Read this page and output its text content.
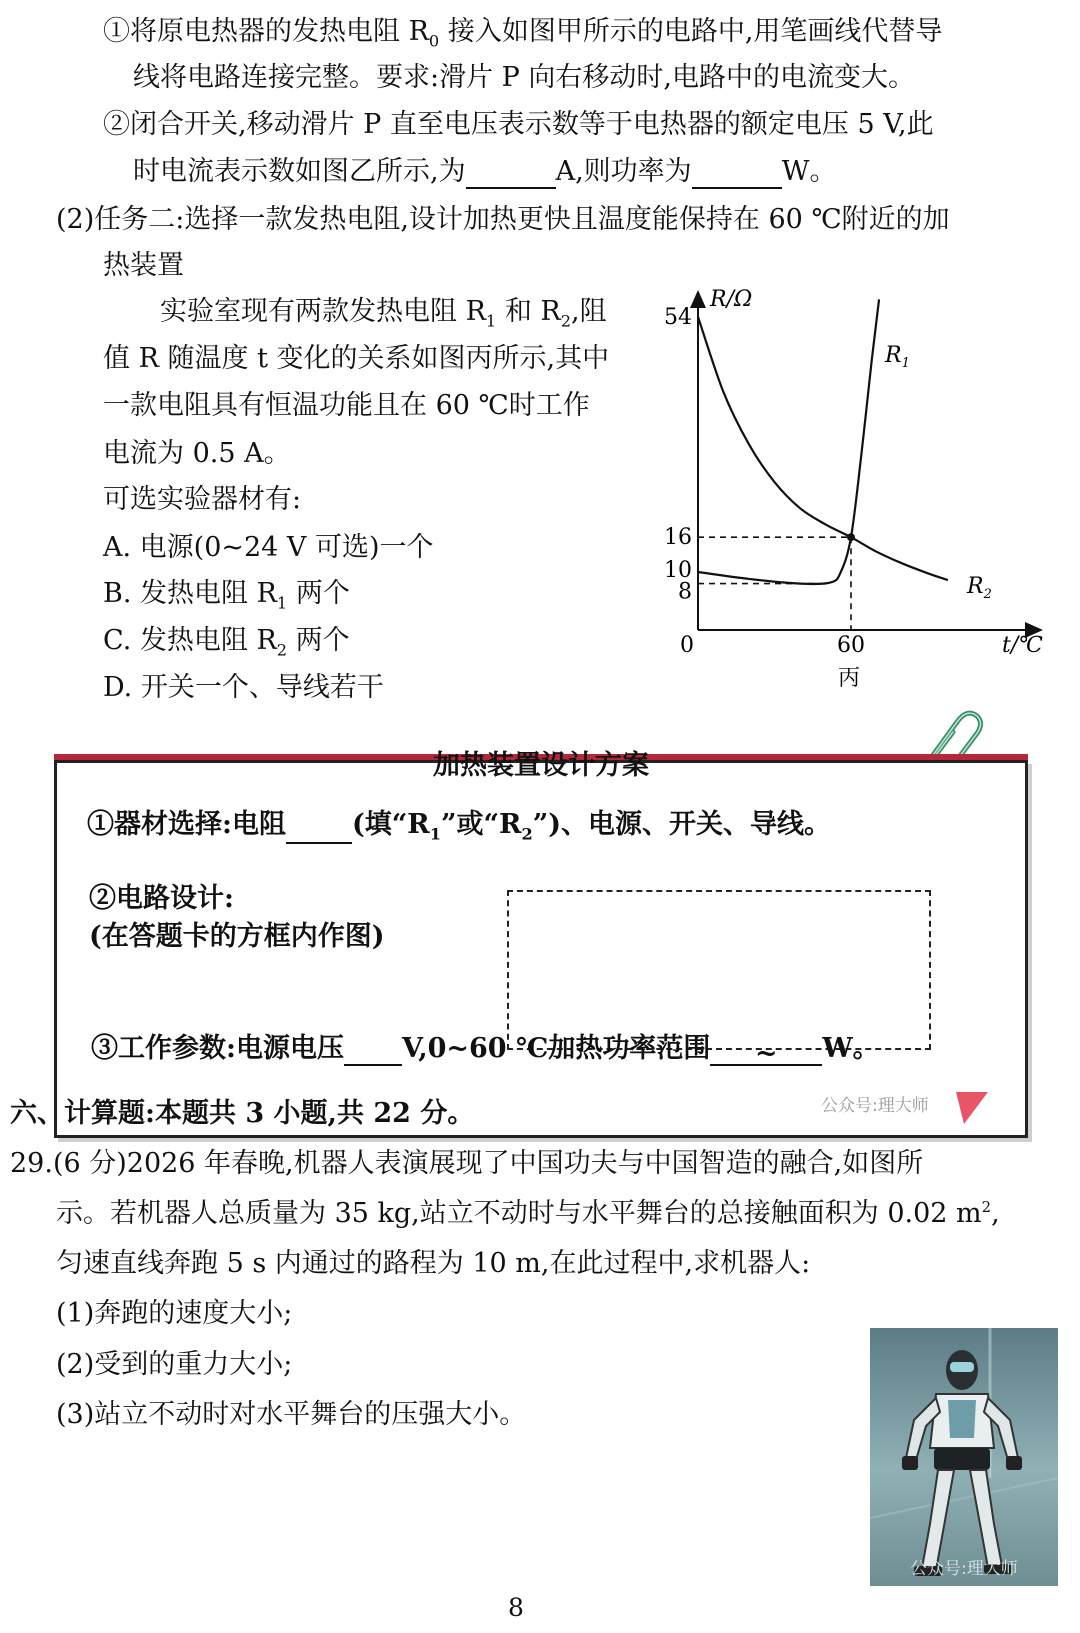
①将原电热器的发热电阻 $R_0$ 接入如图甲所示的电路中,用笔画线代替导
线将电路连接完整。要求:滑片 P 向右移动时,电路中的电流变大。
②闭合开关,移动滑片 P 直至电压表示数等于电热器的额定电压 5 V,此
时电流表示数如图乙所示,为	A,则功率为	W。
(2)任务二:选择一款发热电阻,设计加热更快且温度能保持在 60 ℃附近的加
热装置
实验室现有两款发热电阻 $R_1$ 和 $R_2$,阻
值 R 随温度 t 变化的关系如图丙所示,其中
一款电阻具有恒温功能且在 60 ℃时工作
电流为 0.5 A。
可选实验器材有:
A. 电源(0~24 V 可选)一个
B. 发热电阻 $R_1$ 两个
C. 发热电阻 $R_2$ 两个
D. 开关一个、导线若干
R/Ω
t/℃
0
丙
8
10
16
54
60
$R_1$
$R_2$
加热装置设计方案
①器材选择:电阻 (填“$R_1$”或“$R_2$”)、电源、开关、导线。
②电路设计:
(在答题卡的方框内作图)
③工作参数:电源电压 V,0~60 ℃加热功率范围 ~ W。
公众号:理大师
六、计算题:本题共 3 小题,共 22 分。
29.(6 分)2026 年春晚,机器人表演展现了中国功夫与中国智造的融合,如图所
示。若机器人总质量为 35 kg,站立不动时与水平舞台的总接触面积为 0.02 $m^2$,
匀速直线奔跑 5 s 内通过的路程为 10 m,在此过程中,求机器人:
(1)奔跑的速度大小;
(2)受到的重力大小;
(3)站立不动时对水平舞台的压强大小。
公众号:理大师
8
